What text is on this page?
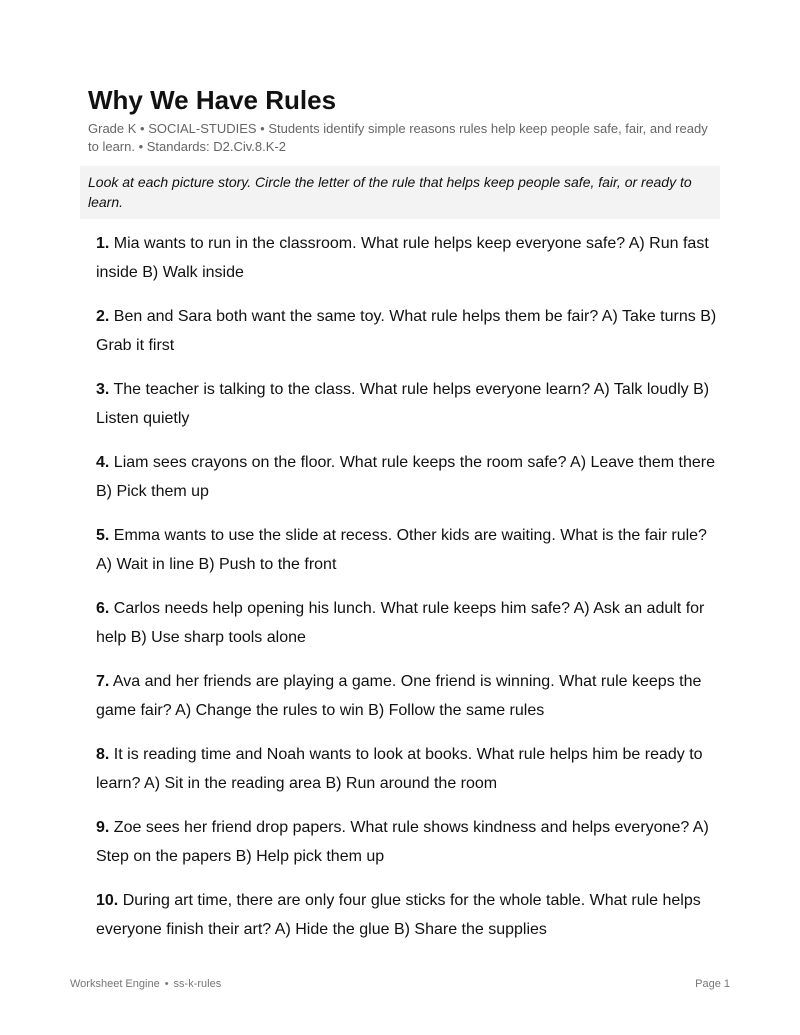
Why We Have Rules
Grade K • SOCIAL-STUDIES • Students identify simple reasons rules help keep people safe, fair, and ready to learn. • Standards: D2.Civ.8.K-2
Look at each picture story. Circle the letter of the rule that helps keep people safe, fair, or ready to learn.

1. Mia wants to run in the classroom. What rule helps keep everyone safe? A) Run fast inside B) Walk inside

2. Ben and Sara both want the same toy. What rule helps them be fair? A) Take turns B) Grab it first

3. The teacher is talking to the class. What rule helps everyone learn? A) Talk loudly B) Listen quietly

4. Liam sees crayons on the floor. What rule keeps the room safe? A) Leave them there B) Pick them up

5. Emma wants to use the slide at recess. Other kids are waiting. What is the fair rule? A) Wait in line B) Push to the front

6. Carlos needs help opening his lunch. What rule keeps him safe? A) Ask an adult for help B) Use sharp tools alone

7. Ava and her friends are playing a game. One friend is winning. What rule keeps the game fair? A) Change the rules to win B) Follow the same rules

8. It is reading time and Noah wants to look at books. What rule helps him be ready to learn? A) Sit in the reading area B) Run around the room

9. Zoe sees her friend drop papers. What rule shows kindness and helps everyone? A) Step on the papers B) Help pick them up

10. During art time, there are only four glue sticks for the whole table. What rule helps everyone finish their art? A) Hide the glue B) Share the supplies

Worksheet Engine • ss-k-rules	Page 1
